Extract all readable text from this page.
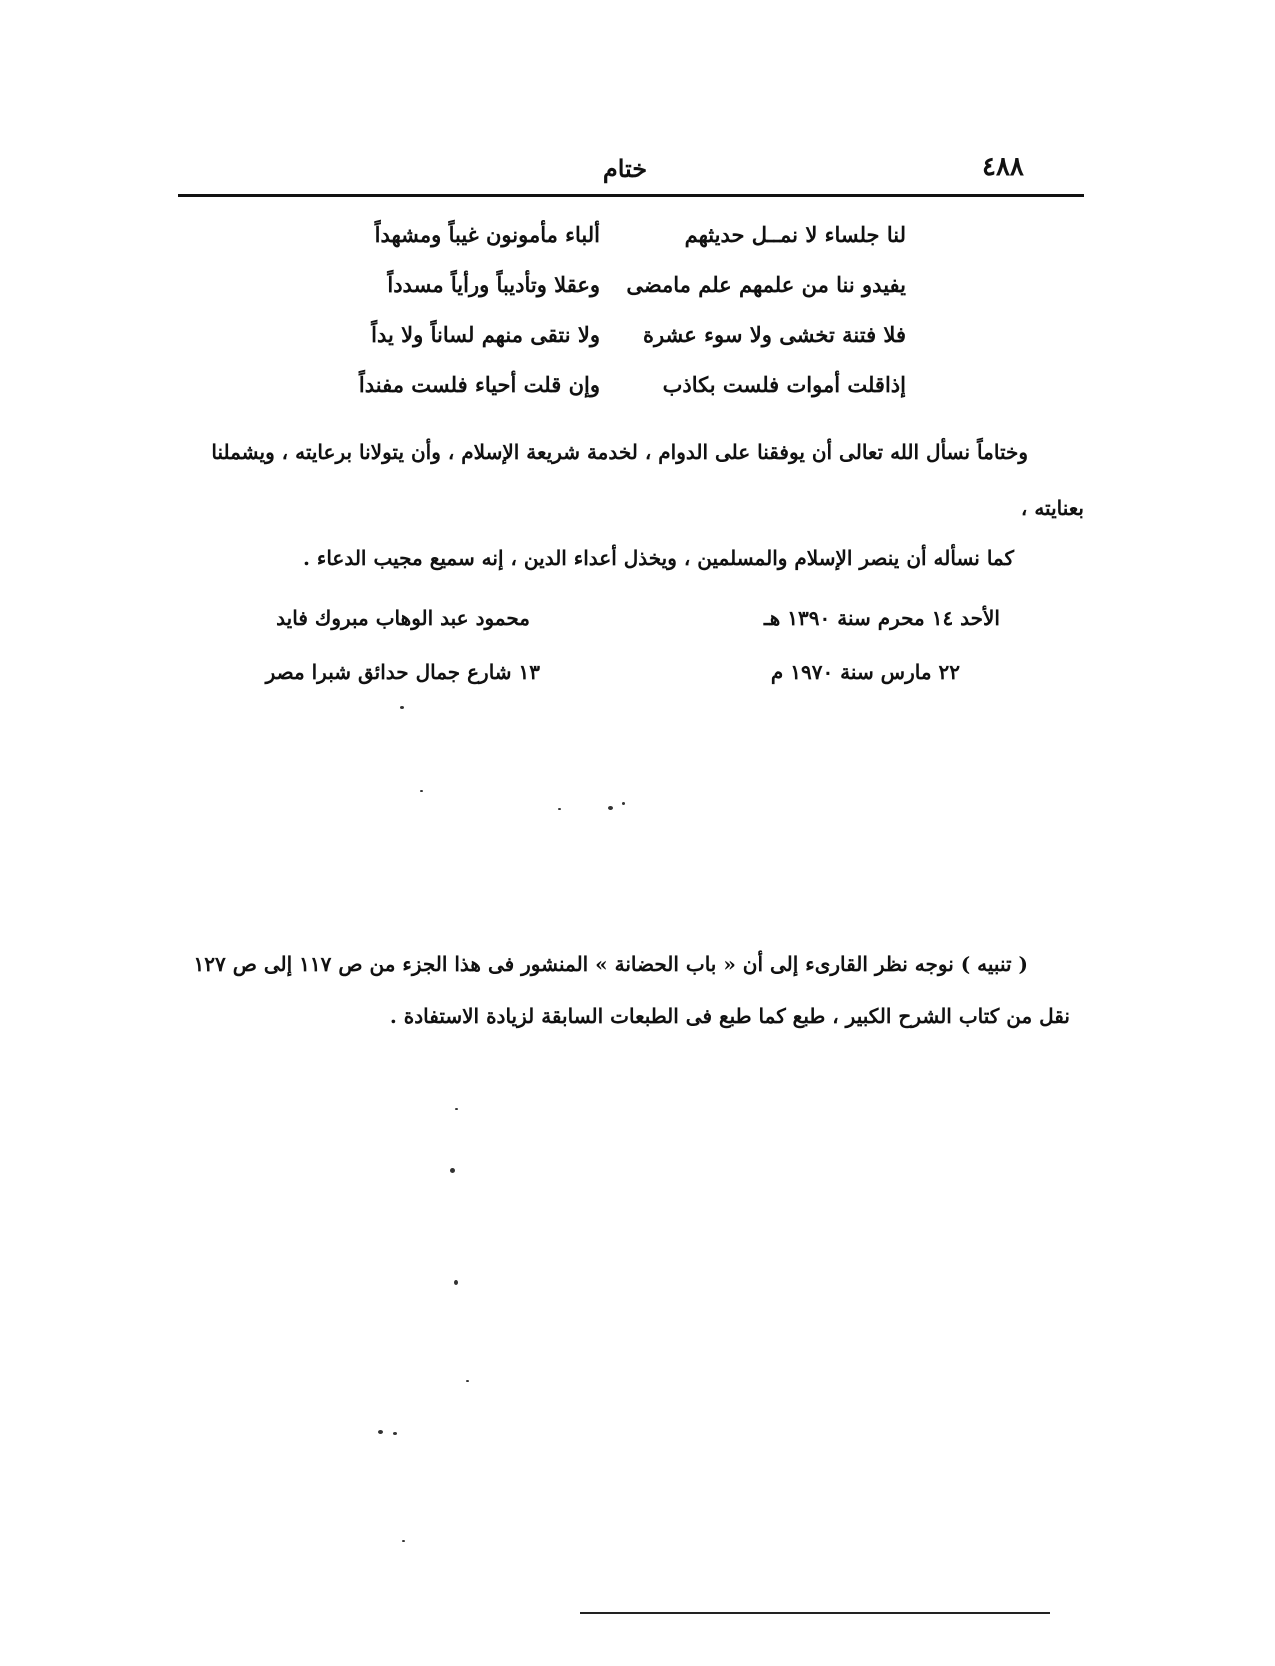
٤٨٨
ختام
لنا جلساء لا نمــل حديثهم
ألباء مأمونون غيباً ومشهداً
يفيدو ننا من علمهم علم مامضى
وعقلا وتأديباً ورأياً مسدداً
فلا فتنة تخشى ولا سوء عشرة
ولا نتقى منهم لساناً ولا يداً
إذاقلت أموات فلست بكاذب
وإن قلت أحياء فلست مفنداً
وختاماً نسأل الله تعالى أن يوفقنا على الدوام ، لخدمة شريعة الإسلام ، وأن يتولانا برعايته ، ويشملنا
بعنايته ،
كما نسأله أن ينصر الإسلام والمسلمين ، ويخذل أعداء الدين ، إنه سميع مجيب الدعاء .
الأحد ١٤ محرم سنة ١٣٩٠ هـ
محمود عبد الوهاب مبروك فايد
٢٢ مارس سنة ١٩٧٠ م
١٣ شارع جمال حدائق شبرا مصر
( تنبيه ) نوجه نظر القارىء إلى أن « باب الحضانة » المنشور فى هذا الجزء من ص ١١٧ إلى ص ١٢٧
نقل من كتاب الشرح الكبير ، طبع كما طبع فى الطبعات السابقة لزيادة الاستفادة .
